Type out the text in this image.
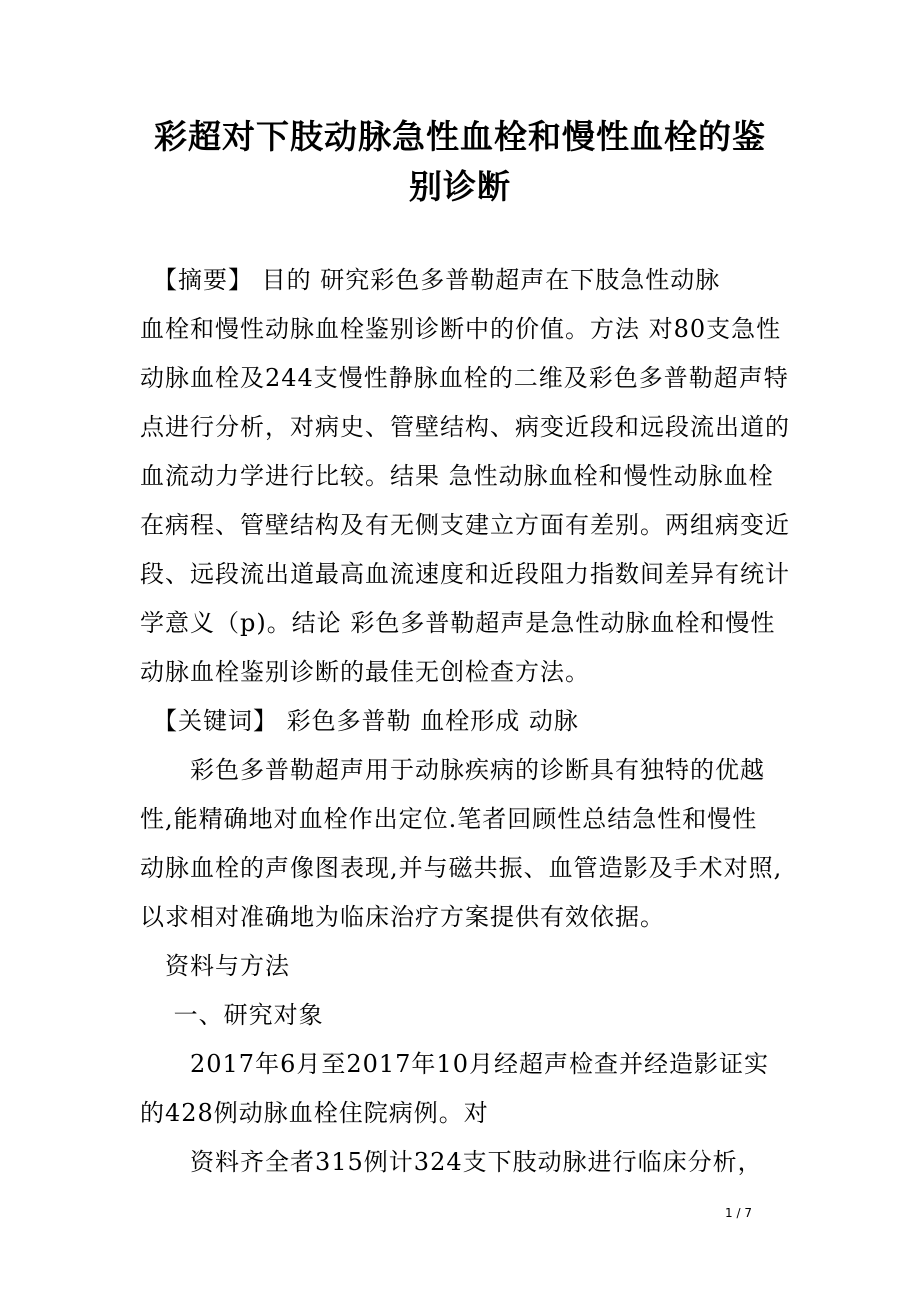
彩超对下肢动脉急性血栓和慢性血栓的鉴
别诊断
　【摘要】 目的 研究彩色多普勒超声在下肢急性动脉
血栓和慢性动脉血栓鉴别诊断中的价值。方法 对80支急性
动脉血栓及244支慢性静脉血栓的二维及彩色多普勒超声特
点进行分析，对病史、管壁结构、病变近段和远段流出道的
血流动力学进行比较。结果 急性动脉血栓和慢性动脉血栓
在病程、管壁结构及有无侧支建立方面有差别。两组病变近
段、远段流出道最高血流速度和近段阻力指数间差异有统计
学意义（p)。结论 彩色多普勒超声是急性动脉血栓和慢性
动脉血栓鉴别诊断的最佳无创检查方法。
　【关键词】 彩色多普勒 血栓形成 动脉
　　彩色多普勒超声用于动脉疾病的诊断具有独特的优越
性,能精确地对血栓作出定位.笔者回顾性总结急性和慢性
动脉血栓的声像图表现,并与磁共振、血管造影及手术对照,
以求相对准确地为临床治疗方案提供有效依据。
　资料与方法
　 一、研究对象
　　2017年6月至2017年10月经超声检查并经造影证实
的428例动脉血栓住院病例。对
　　资料齐全者315例计324支下肢动脉进行临床分析，
1 / 7
